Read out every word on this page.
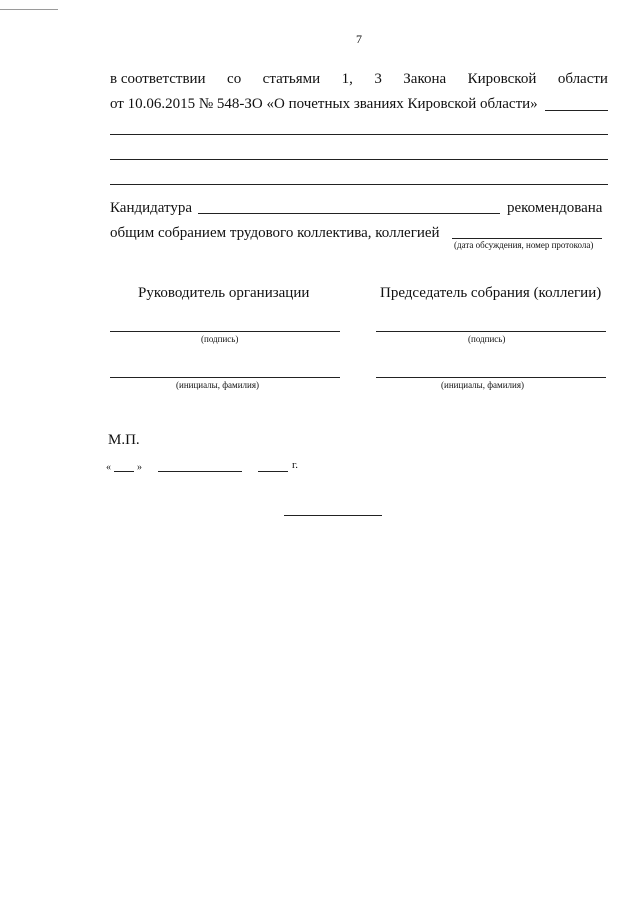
7
в соответствии со статьями 1, 3 Закона Кировской области
от 10.06.2015 № 548-ЗО «О почетных званиях Кировской области»
Кандидатура	рекомендована
общим собранием трудового коллектива, коллегией
(дата обсуждения, номер протокола)
Руководитель организации	Председатель собрания (коллегии)
(подпись)	(подпись)
(инициалы, фамилия)	(инициалы, фамилия)
М.П.
«	»	г.
